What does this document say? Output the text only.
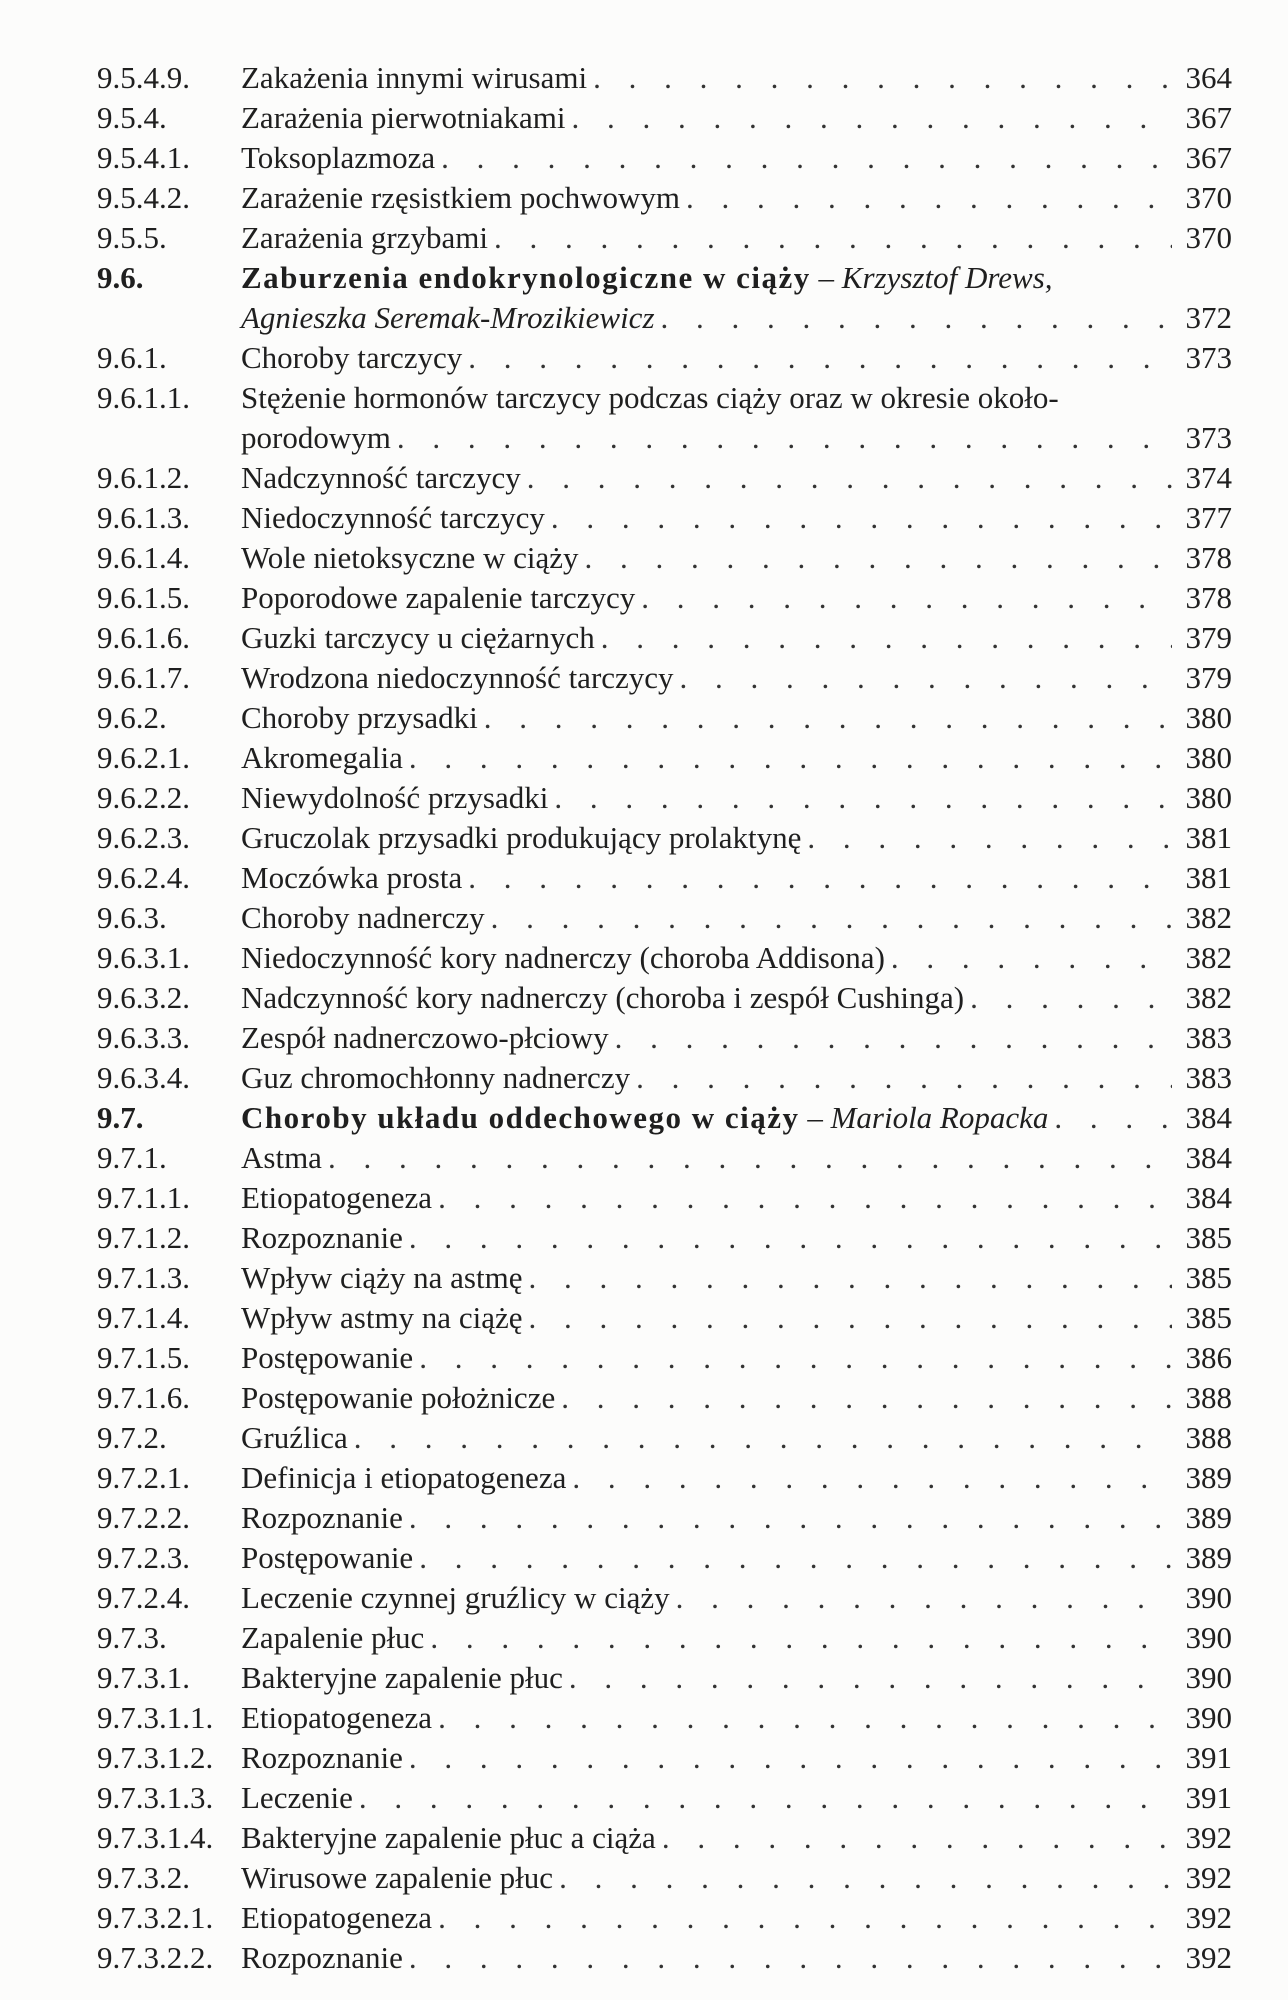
9.5.4.9.	Zakażenia innymi wirusami . . .	364
9.5.4.	Zarażenia pierwotniakami . . .	367
9.5.4.1.	Toksoplazmoza . . .	367
9.5.4.2.	Zarażenie rzęsistkiem pochwowym . . .	370
9.5.5.	Zarażenia grzybami . . .	370
9.6.	Zaburzenia endokrynologiczne w ciąży – Krzysztof Drews,
Agnieszka Seremak-Mrozikiewicz . . .	372
9.6.1.	Choroby tarczycy . . .	373
9.6.1.1.	Stężenie hormonów tarczycy podczas ciąży oraz w okresie około-
porodowym . . .	373
9.6.1.2.	Nadczynność tarczycy . . .	374
9.6.1.3.	Niedoczynność tarczycy . . .	377
9.6.1.4.	Wole nietoksyczne w ciąży . . .	378
9.6.1.5.	Poporodowe zapalenie tarczycy . . .	378
9.6.1.6.	Guzki tarczycy u ciężarnych . . .	379
9.6.1.7.	Wrodzona niedoczynność tarczycy . . .	379
9.6.2.	Choroby przysadki . . .	380
9.6.2.1.	Akromegalia . . .	380
9.6.2.2.	Niewydolność przysadki . . .	380
9.6.2.3.	Gruczolak przysadki produkujący prolaktynę . . .	381
9.6.2.4.	Moczówka prosta . . .	381
9.6.3.	Choroby nadnerczy . . .	382
9.6.3.1.	Niedoczynność kory nadnerczy (choroba Addisona) . . .	382
9.6.3.2.	Nadczynność kory nadnerczy (choroba i zespół Cushinga) . . .	382
9.6.3.3.	Zespół nadnerczowo-płciowy . . .	383
9.6.3.4.	Guz chromochłonny nadnerczy . . .	383
9.7.	Choroby układu oddechowego w ciąży
– Mariola Ropacka . . .	384
9.7.1.	Astma . . .	384
9.7.1.1.	Etiopatogeneza . . .	384
9.7.1.2.	Rozpoznanie . . .	385
9.7.1.3.	Wpływ ciąży na astmę . . .	385
9.7.1.4.	Wpływ astmy na ciążę . . .	385
9.7.1.5.	Postępowanie . . .	386
9.7.1.6.	Postępowanie położnicze . . .	388
9.7.2.	Gruźlica . . .	388
9.7.2.1.	Definicja i etiopatogeneza . . .	389
9.7.2.2.	Rozpoznanie . . .	389
9.7.2.3.	Postępowanie . . .	389
9.7.2.4.	Leczenie czynnej gruźlicy w ciąży . . .	390
9.7.3.	Zapalenie płuc . . .	390
9.7.3.1.	Bakteryjne zapalenie płuc . . .	390
9.7.3.1.1. Etiopatogeneza . . .	390
9.7.3.1.2. Rozpoznanie . . .	391
9.7.3.1.3. Leczenie . . .	391
9.7.3.1.4. Bakteryjne zapalenie płuc a ciąża . . .	392
9.7.3.2.	Wirusowe zapalenie płuc . . .	392
9.7.3.2.1. Etiopatogeneza . . .	392
9.7.3.2.2. Rozpoznanie . . .	392
